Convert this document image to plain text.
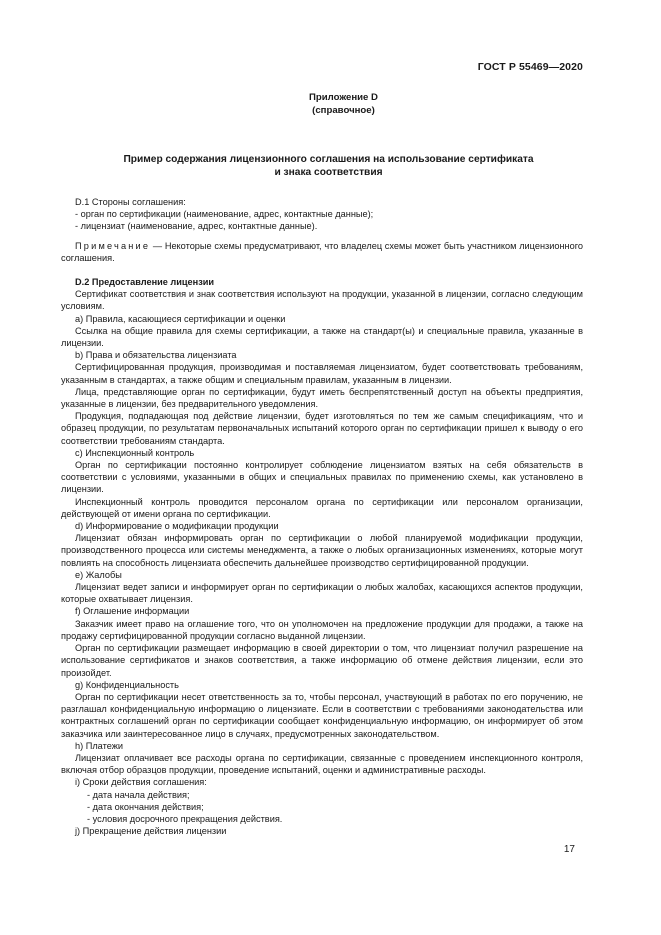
ГОСТ Р 55469—2020
Приложение D
(справочное)
Пример содержания лицензионного соглашения на использование сертификата
и знака соответствия

D.1 Стороны соглашения:

- орган по сертификации (наименование, адрес, контактные данные);

- лицензиат (наименование, адрес, контактные данные).

Примечание — Некоторые схемы предусматривают, что владелец схемы может быть участником лицензионного соглашения.

D.2 Предоставление лицензии

Сертификат соответствия и знак соответствия используют на продукции, указанной в лицензии, согласно следующим условиям.

a) Правила, касающиеся сертификации и оценки

Ссылка на общие правила для схемы сертификации, а также на стандарт(ы) и специальные правила, указанные в лицензии.

b) Права и обязательства лицензиата

Сертифицированная продукция, производимая и поставляемая лицензиатом, будет соответствовать требованиям, указанным в стандартах, а также общим и специальным правилам, указанным в лицензии.

Лица, представляющие орган по сертификации, будут иметь беспрепятственный доступ на объекты предприятия, указанные в лицензии, без предварительного уведомления.

Продукция, подпадающая под действие лицензии, будет изготовляться по тем же самым спецификациям, что и образец продукции, по результатам первоначальных испытаний которого орган по сертификации пришел к выводу о его соответствии требованиям стандарта.

c) Инспекционный контроль

Орган по сертификации постоянно контролирует соблюдение лицензиатом взятых на себя обязательств в соответствии с условиями, указанными в общих и специальных правилах по применению схемы, как установлено в лицензии.

Инспекционный контроль проводится персоналом органа по сертификации или персоналом организации, действующей от имени органа по сертификации.

d) Информирование о модификации продукции

Лицензиат обязан информировать орган по сертификации о любой планируемой модификации продукции, производственного процесса или системы менеджмента, а также о любых организационных изменениях, которые могут повлиять на способность лицензиата обеспечить дальнейшее производство сертифицированной продукции.

e) Жалобы

Лицензиат ведет записи и информирует орган по сертификации о любых жалобах, касающихся аспектов продукции, которые охватывает лицензия.

f) Оглашение информации

Заказчик имеет право на оглашение того, что он уполномочен на предложение продукции для продажи, а также на продажу сертифицированной продукции согласно выданной лицензии.

Орган по сертификации размещает информацию в своей директории о том, что лицензиат получил разрешение на использование сертификатов и знаков соответствия, а также информацию об отмене действия лицензии, если это произойдет.

g) Конфиденциальность

Орган по сертификации несет ответственность за то, чтобы персонал, участвующий в работах по его поручению, не разглашал конфиденциальную информацию о лицензиате. Если в соответствии с требованиями законодательства или контрактных соглашений орган по сертификации сообщает конфиденциальную информацию, он информирует об этом заказчика или заинтересованное лицо в случаях, предусмотренных законодательством.

h) Платежи

Лицензиат оплачивает все расходы органа по сертификации, связанные с проведением инспекционного контроля, включая отбор образцов продукции, проведение испытаний, оценки и административные расходы.

i) Сроки действия соглашения:

- дата начала действия;

- дата окончания действия;

- условия досрочного прекращения действия.

j) Прекращение действия лицензии

17
